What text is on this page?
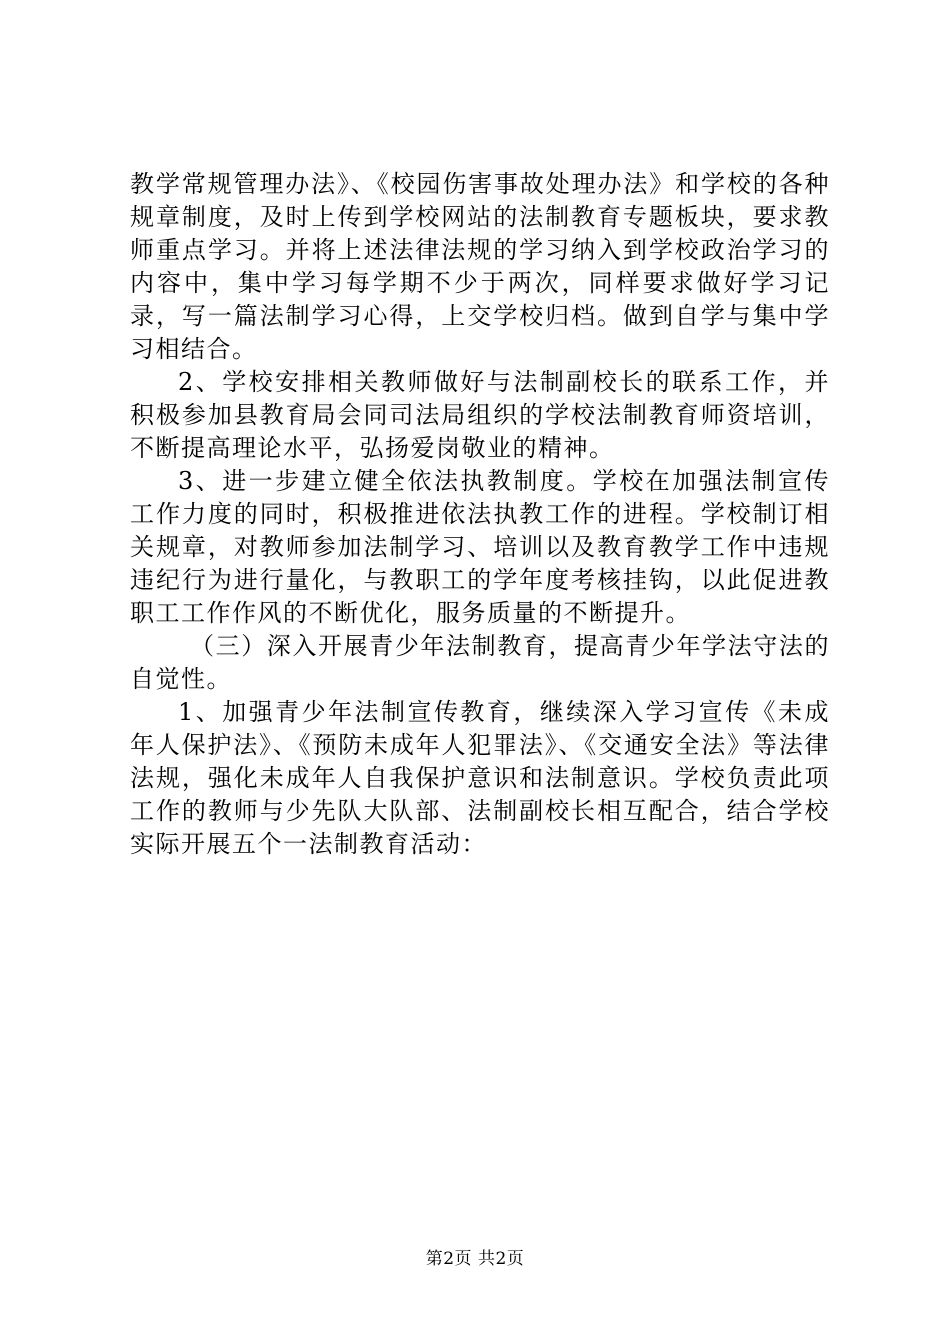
教学常规管理办法》、《校园伤害事故处理办法》和学校的各种规章制度，及时上传到学校网站的法制教育专题板块，要求教师重点学习。并将上述法律法规的学习纳入到学校政治学习的内容中，集中学习每学期不少于两次，同样要求做好学习记录，写一篇法制学习心得，上交学校归档。做到自学与集中学习相结合。

2、学校安排相关教师做好与法制副校长的联系工作，并积极参加县教育局会同司法局组织的学校法制教育师资培训，不断提高理论水平，弘扬爱岗敬业的精神。

3、进一步建立健全依法执教制度。学校在加强法制宣传工作力度的同时，积极推进依法执教工作的进程。学校制订相关规章，对教师参加法制学习、培训以及教育教学工作中违规违纪行为进行量化，与教职工的学年度考核挂钩，以此促进教职工工作作风的不断优化，服务质量的不断提升。

（三）深入开展青少年法制教育，提高青少年学法守法的自觉性。

1、加强青少年法制宣传教育，继续深入学习宣传《未成年人保护法》、《预防未成年人犯罪法》、《交通安全法》等法律法规，强化未成年人自我保护意识和法制意识。学校负责此项工作的教师与少先队大队部、法制副校长相互配合，结合学校实际开展五个一法制教育活动：

第2页 共2页
